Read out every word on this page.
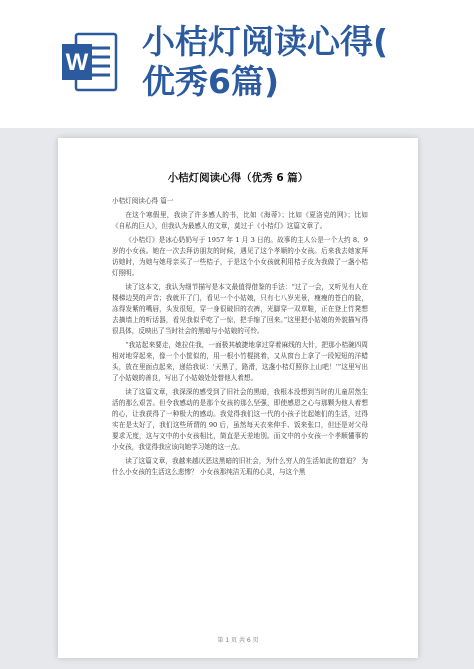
W
小桔灯阅读心得(
优秀6篇)
小桔灯阅读心得（优秀 6 篇）

小桔灯阅读心得 篇一

在这个寒假里，我读了许多感人的书，比如《海蒂》；比如《夏洛克的网》；比如《自私的巨人》，但我认为最感人的文章，莫过于《小桔灯》这篇文章了。

《小桔灯》是冰心奶奶写于 1957 年 1 月 3 日的。故事的主人公是一个大约 8、9 岁的小女孩。她在一次去拜访朋友的时候，遇见了这个孝顺的小女孩。后来我去她家拜访她时，为她与她母亲买了一些桔子，于是这个小女孩就利用桔子皮为我做了一盏小桔灯照明。

读了这本文，我认为细节描写是本文最值得借鉴的手法：“过了一会，又听见有人在楼梯边哭的声音；我就开了门，看见一个小姑娘，只有七八岁光景，瘦瘦的苍白的脸，冻得发紫的嘴唇，头发很短，穿一身很破旧的衣裤，光脚穿一双草鞋，正在登上竹凳想去摘墙上的听话器，看见我似乎吃了一惊，把手缩了回来。”这里把小姑娘的外貌描写得很具体，反映出了当时社会的黑暗与小姑娘的可怜。

“我站起来要走，她拉住我，一面极其敏捷地拿过穿着麻线的大针，把那小桔碗四周相对地穿起来，像一个小筐似的，用一根小竹棍挑着，又从窗台上拿了一段短短的洋蜡头，放在里面点起来，递给我说：‘天黑了，路滑，这盏小桔灯照你上山吧！’”这里写出了小姑娘的善良，写出了小姑娘处处替他人着想。

读了这篇文章，我深深的感受到了旧社会的黑暗，我根本没想到当时的儿童居然生活的那么艰苦。但令我感动的是那个女孩的那么坚强，即使感恩之心与那颗为他人着想的心，让我获得了一种极大的感动。我觉得我们这一代的小孩子比起她们的生活，过得实在是太好了，我们这些所谓的 90 后，虽然每天衣来伸手、饭来张口，但还是对父母要求无度，这与文中的小女孩相比，简直是天差地别。而文中的小女孩一个孝顺懂事的小女孩，我觉得我应该向她学习她的这一点。

读了这篇文章，我越来越厌恶这黑暗的旧社会，为什么穷人的生活如此的窘迫？ 为什么小女孩的生活这么悲惨？ 小女孩那纯洁无瑕的心灵，与这个黑

第 1 页 共 6 页
